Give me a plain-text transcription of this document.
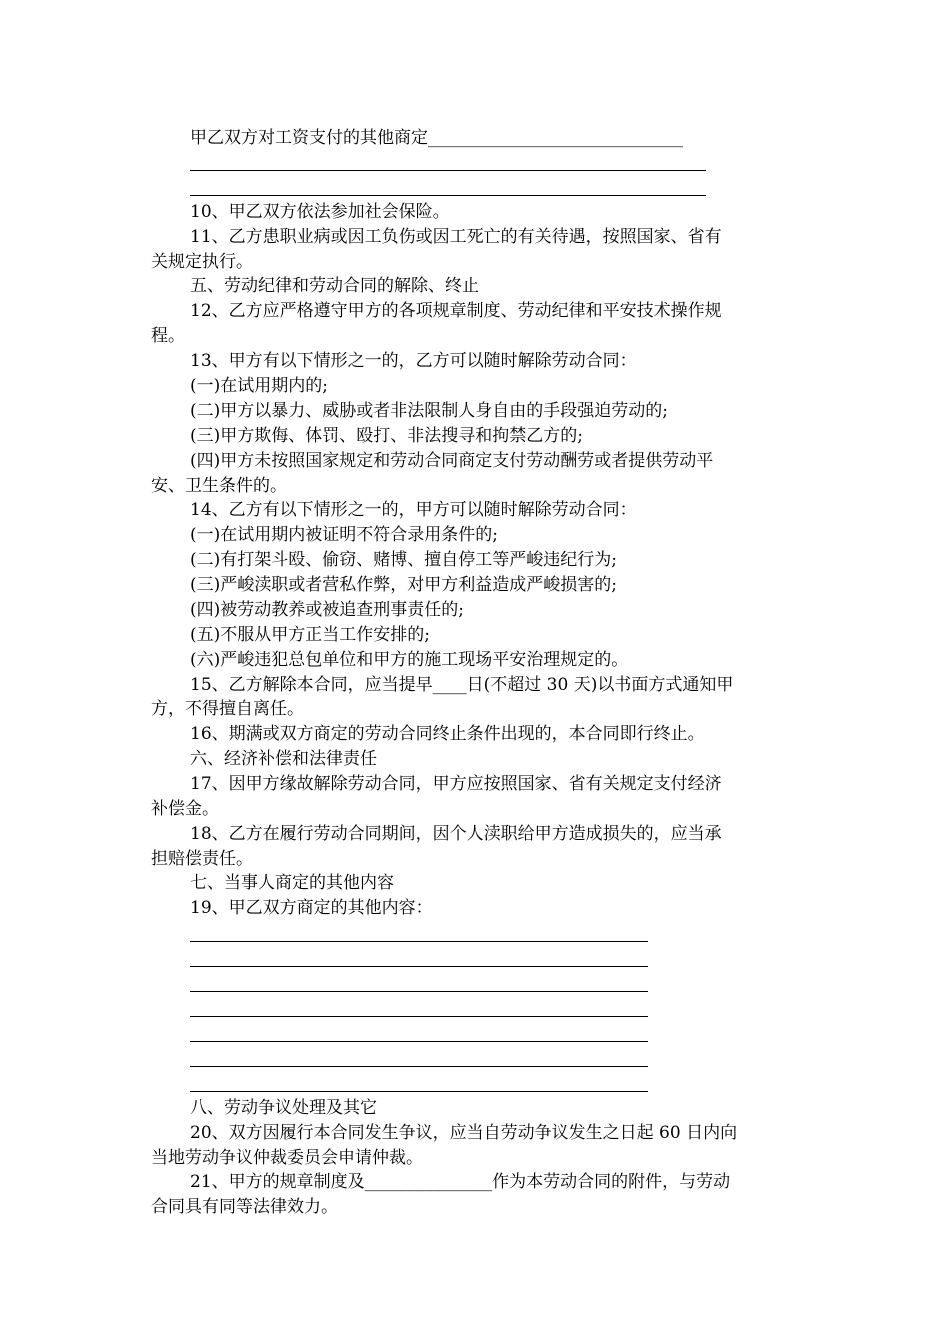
甲乙双方对工资支付的其他商定______________________________
10、甲乙双方依法参加社会保险。
11、乙方患职业病或因工负伤或因工死亡的有关待遇，按照国家、省有
关规定执行。
五、劳动纪律和劳动合同的解除、终止
12、乙方应严格遵守甲方的各项规章制度、劳动纪律和平安技术操作规
程。
13、甲方有以下情形之一的，乙方可以随时解除劳动合同：
(一)在试用期内的;
(二)甲方以暴力、威胁或者非法限制人身自由的手段强迫劳动的;
(三)甲方欺侮、体罚、殴打、非法搜寻和拘禁乙方的;
(四)甲方未按照国家规定和劳动合同商定支付劳动酬劳或者提供劳动平
安、卫生条件的。
14、乙方有以下情形之一的，甲方可以随时解除劳动合同：
(一)在试用期内被证明不符合录用条件的;
(二)有打架斗殴、偷窃、赌博、擅自停工等严峻违纪行为;
(三)严峻渎职或者营私作弊，对甲方利益造成严峻损害的;
(四)被劳动教养或被追查刑事责任的;
(五)不服从甲方正当工作安排的;
(六)严峻违犯总包单位和甲方的施工现场平安治理规定的。
15、乙方解除本合同，应当提早____日(不超过 30 天)以书面方式通知甲
方，不得擅自离任。
16、期满或双方商定的劳动合同终止条件出现的，本合同即行终止。
六、经济补偿和法律责任
17、因甲方缘故解除劳动合同，甲方应按照国家、省有关规定支付经济
补偿金。
18、乙方在履行劳动合同期间，因个人渎职给甲方造成损失的，应当承
担赔偿责任。
七、当事人商定的其他内容
19、甲乙双方商定的其他内容：
八、劳动争议处理及其它
20、双方因履行本合同发生争议，应当自劳动争议发生之日起 60 日内向
当地劳动争议仲裁委员会申请仲裁。
21、甲方的规章制度及_______________作为本劳动合同的附件，与劳动
合同具有同等法律效力。
